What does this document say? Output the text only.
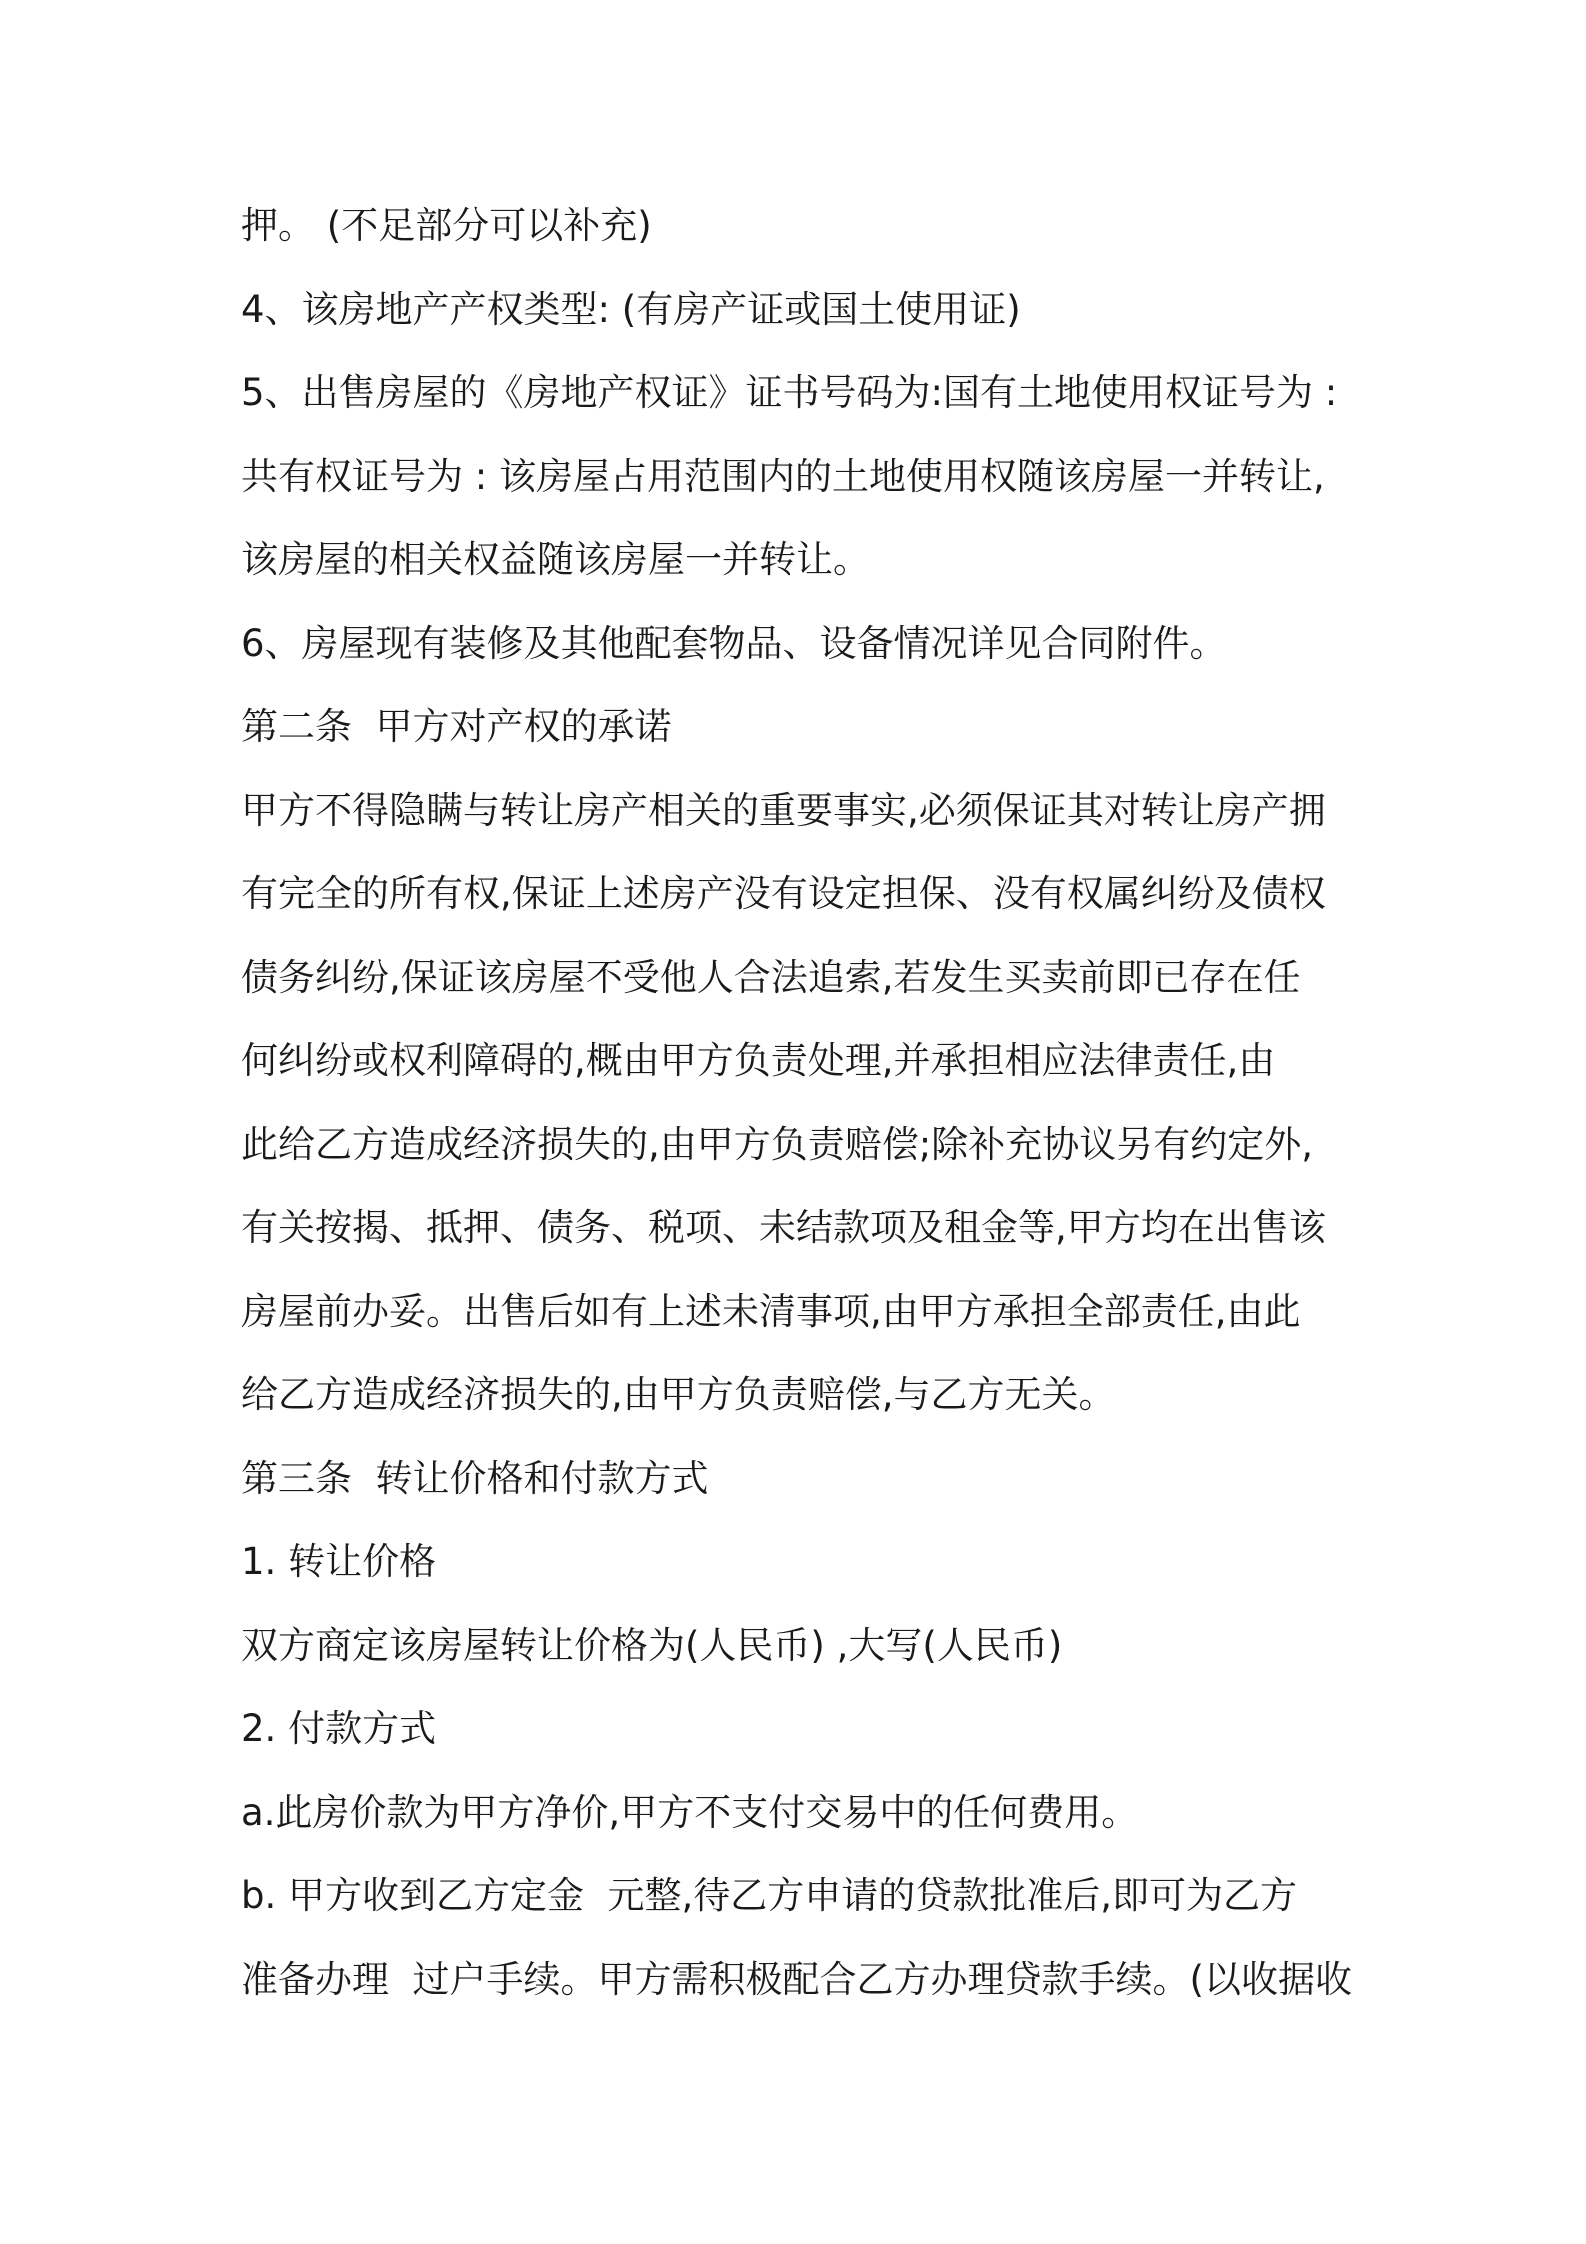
押。 (不足部分可以补充)
4、该房地产产权类型: (有房产证或国土使用证)
5、出售房屋的《房地产权证》证书号码为:国有土地使用权证号为 :
共有权证号为 : 该房屋占用范围内的土地使用权随该房屋一并转让,
该房屋的相关权益随该房屋一并转让。
6、房屋现有装修及其他配套物品、设备情况详见合同附件。
第二条  甲方对产权的承诺
甲方不得隐瞒与转让房产相关的重要事实,必须保证其对转让房产拥
有完全的所有权,保证上述房产没有设定担保、没有权属纠纷及债权
债务纠纷,保证该房屋不受他人合法追索,若发生买卖前即已存在任
何纠纷或权利障碍的,概由甲方负责处理,并承担相应法律责任,由
此给乙方造成经济损失的,由甲方负责赔偿;除补充协议另有约定外,
有关按揭、抵押、债务、税项、未结款项及租金等,甲方均在出售该
房屋前办妥。出售后如有上述未清事项,由甲方承担全部责任,由此
给乙方造成经济损失的,由甲方负责赔偿,与乙方无关。
第三条  转让价格和付款方式
1. 转让价格
双方商定该房屋转让价格为(人民币) ,大写(人民币)
2. 付款方式
a.此房价款为甲方净价,甲方不支付交易中的任何费用。
b. 甲方收到乙方定金  元整,待乙方申请的贷款批准后,即可为乙方
准备办理  过户手续。甲方需积极配合乙方办理贷款手续。(以收据收
